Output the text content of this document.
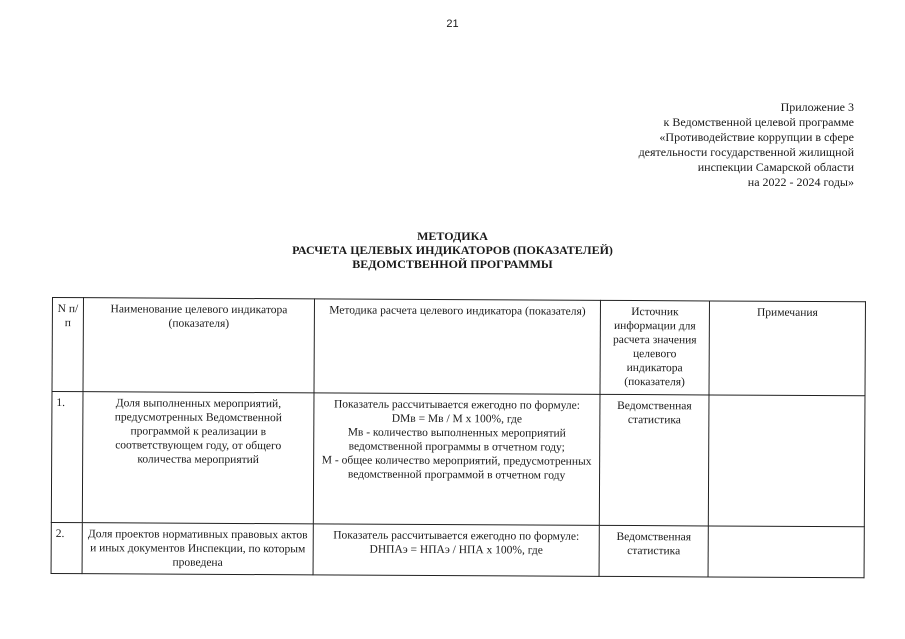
21
Приложение 3
к Ведомственной целевой программе
«Противодействие коррупции в сфере
деятельности государственной жилищной
инспекции Самарской области
на 2022 - 2024 годы»
МЕТОДИКА
РАСЧЕТА ЦЕЛЕВЫХ ИНДИКАТОРОВ (ПОКАЗАТЕЛЕЙ)
ВЕДОМСТВЕННОЙ ПРОГРАММЫ
N п/п	Наименование целевого индикатора (показателя)	Методика расчета целевого индикатора (показателя)	Источник информации для расчета значения целевого индикатора (показателя)	Примечания
1.	Доля выполненных мероприятий, предусмотренных Ведомственной программой к реализации в соответствующем году, от общего количества мероприятий	Показатель рассчитывается ежегодно по формуле:
DMв = Mв / M x 100%, где
Mв - количество выполненных мероприятий ведомственной программы в отчетном году;
M - общее количество мероприятий, предусмотренных ведомственной программой в отчетном году	Ведомственная статистика	
2.	Доля проектов нормативных правовых актов и иных документов Инспекции, по которым проведена	Показатель рассчитывается ежегодно по формуле:
DНПАэ = НПАэ / НПА x 100%, где	Ведомственная статистика	
